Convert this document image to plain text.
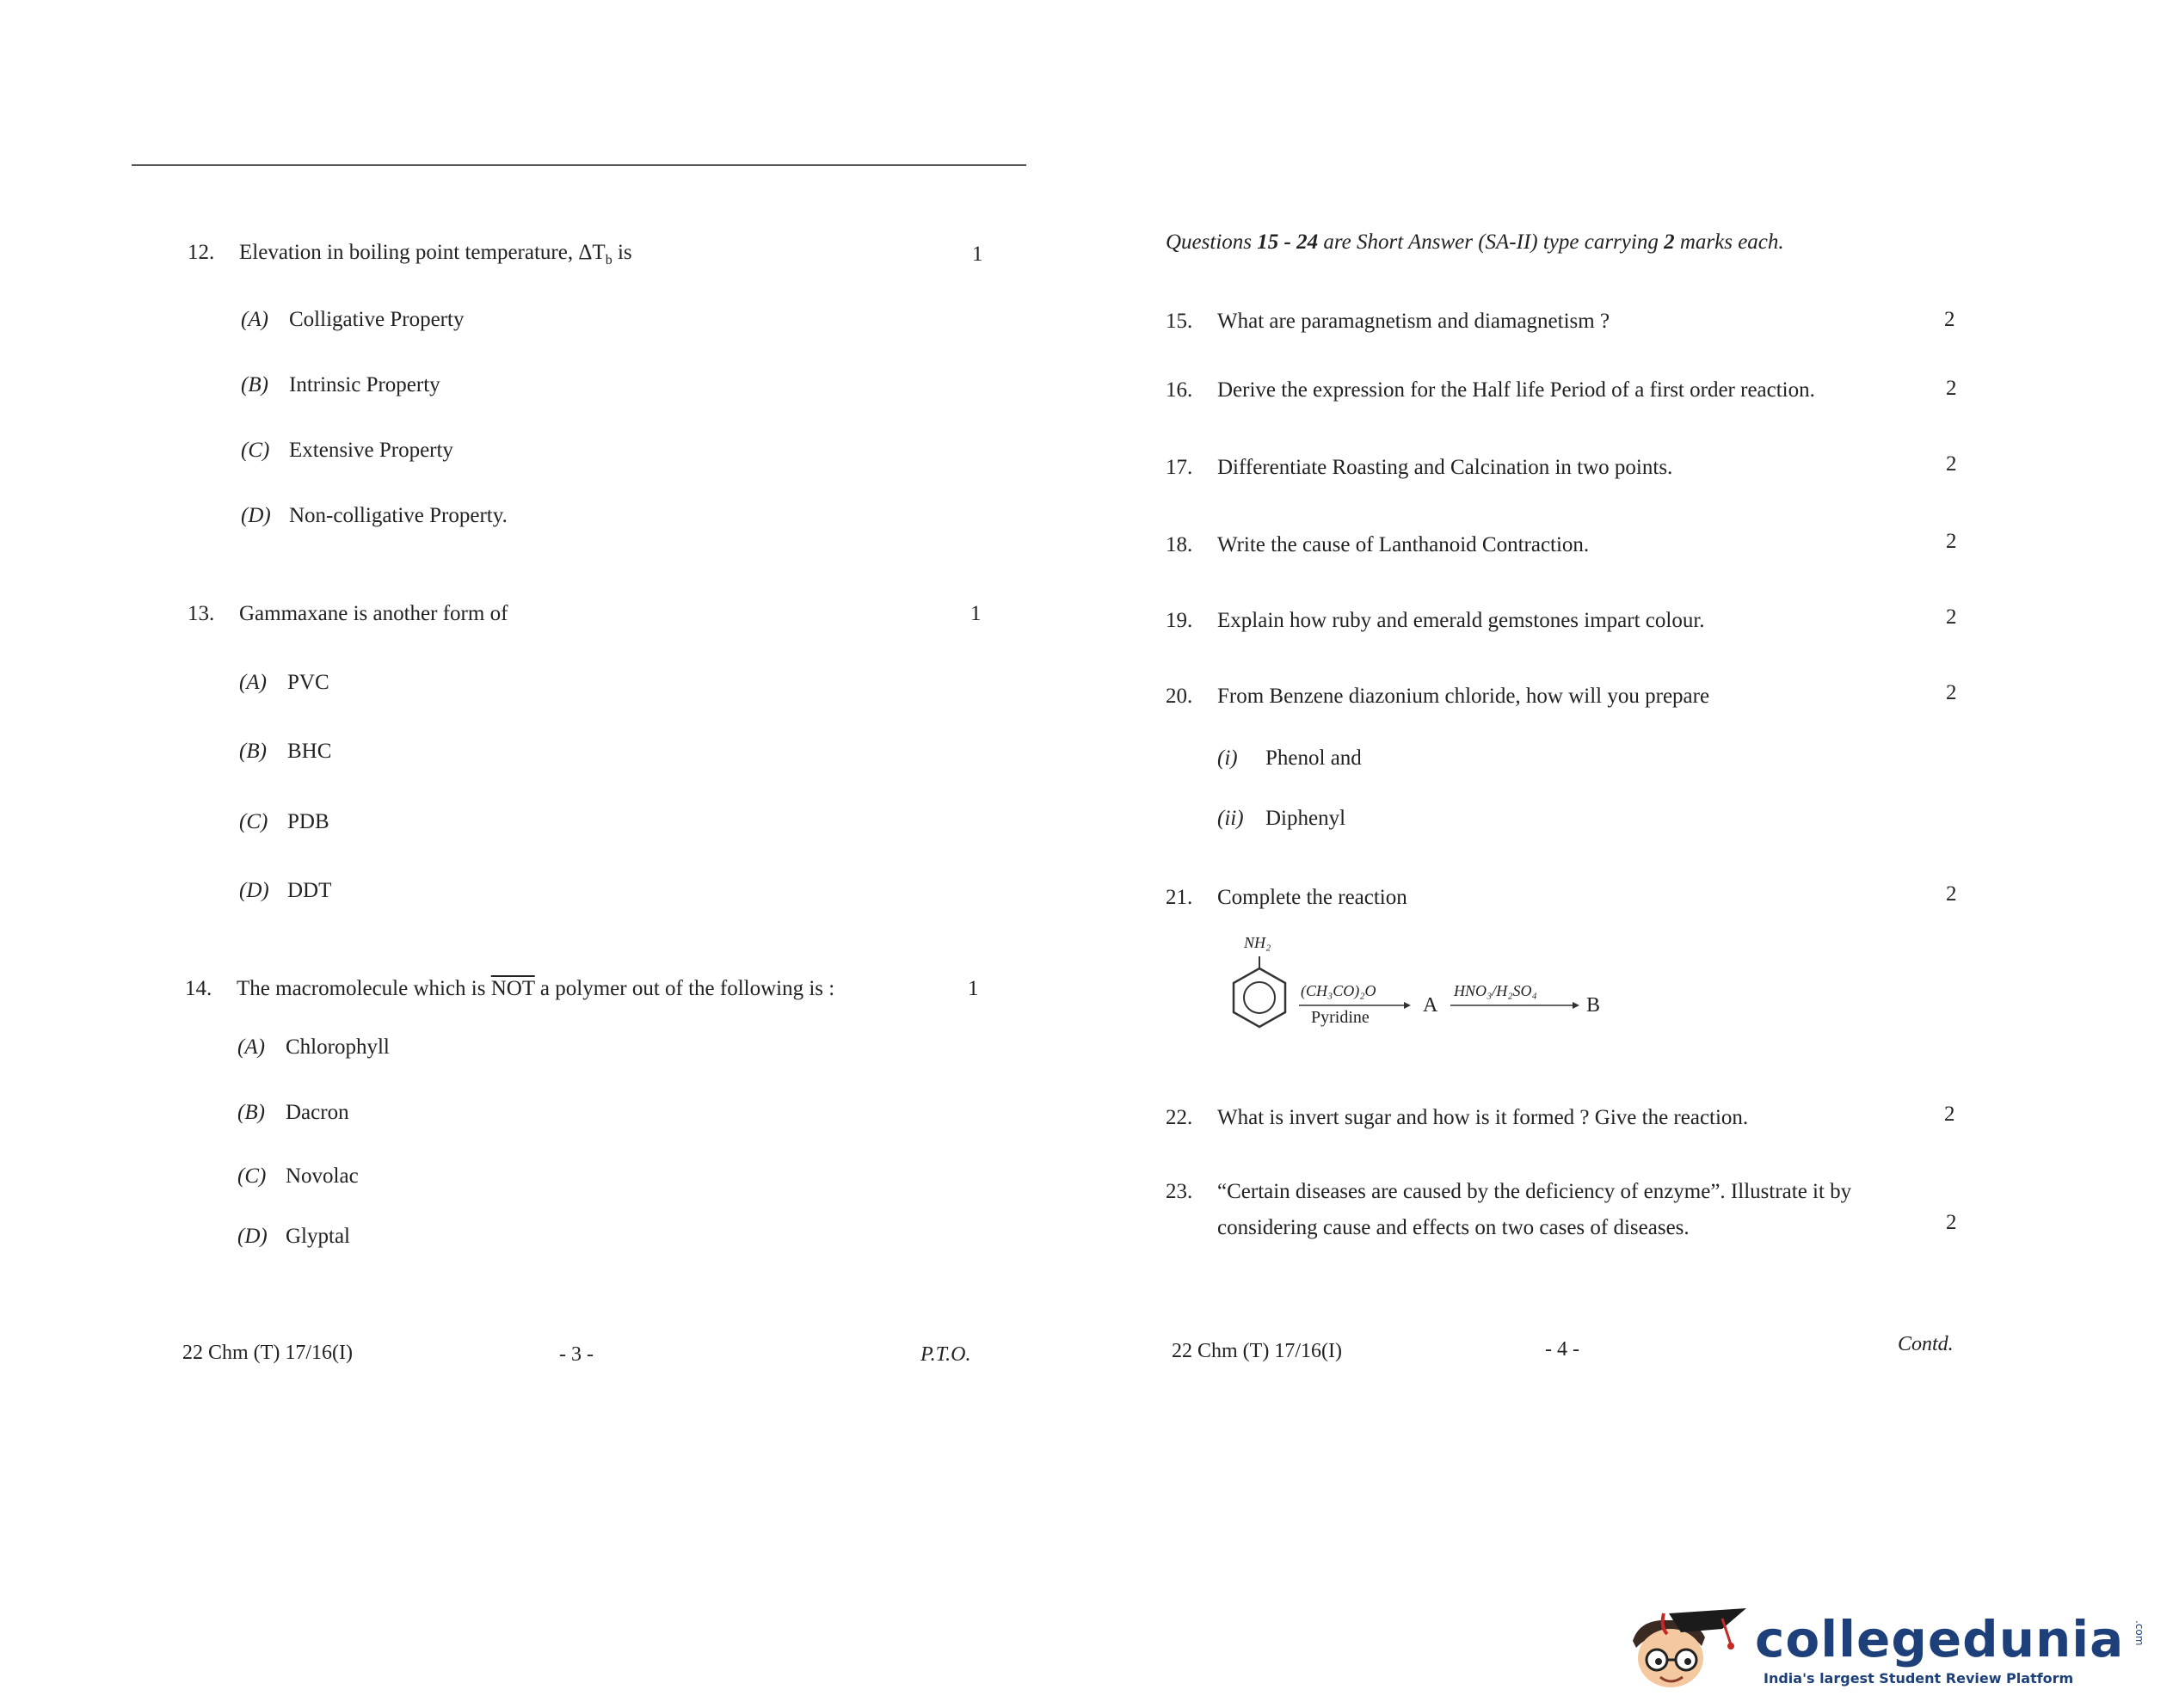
12. Elevation in boiling point temperature, $\Delta T_b$ is	1
(A) Colligative Property
(B) Intrinsic Property
(C) Extensive Property
(D) Non-colligative Property.
13. Gammaxane is another form of	1
(A) PVC
(B) BHC
(C) PDB
(D) DDT
14. The macromolecule which is $\overline{NOT}$ a polymer out of the following is :	1
(A) Chlorophyll
(B) Dacron
(C) Novolac
(D) Glyptal
22 Chm (T) 17/16(I)	- 3 -	P.T.O.
Questions 15 - 24 are Short Answer (SA-II) type carrying 2 marks each.
15. What are paramagnetism and diamagnetism ?	2
16. Derive the expression for the Half life Period of a first order reaction.	2
17. Differentiate Roasting and Calcination in two points.	2
18. Write the cause of Lanthanoid Contraction.	2
19. Explain how ruby and emerald gemstones impart colour.	2
20. From Benzene diazonium chloride, how will you prepare	2
(i) Phenol and
(ii) Diphenyl
21. Complete the reaction	2
NH₂
(CH₃CO)₂O
Pyridine
A
HNO₃/H₂SO₄
B
22. What is invert sugar and how is it formed ? Give the reaction.	2
23. “Certain diseases are caused by the deficiency of enzyme”. Illustrate it by
considering cause and effects on two cases of diseases.	2
22 Chm (T) 17/16(I)	- 4 -	Contd.
collegedunia .com
India's largest Student Review Platform
